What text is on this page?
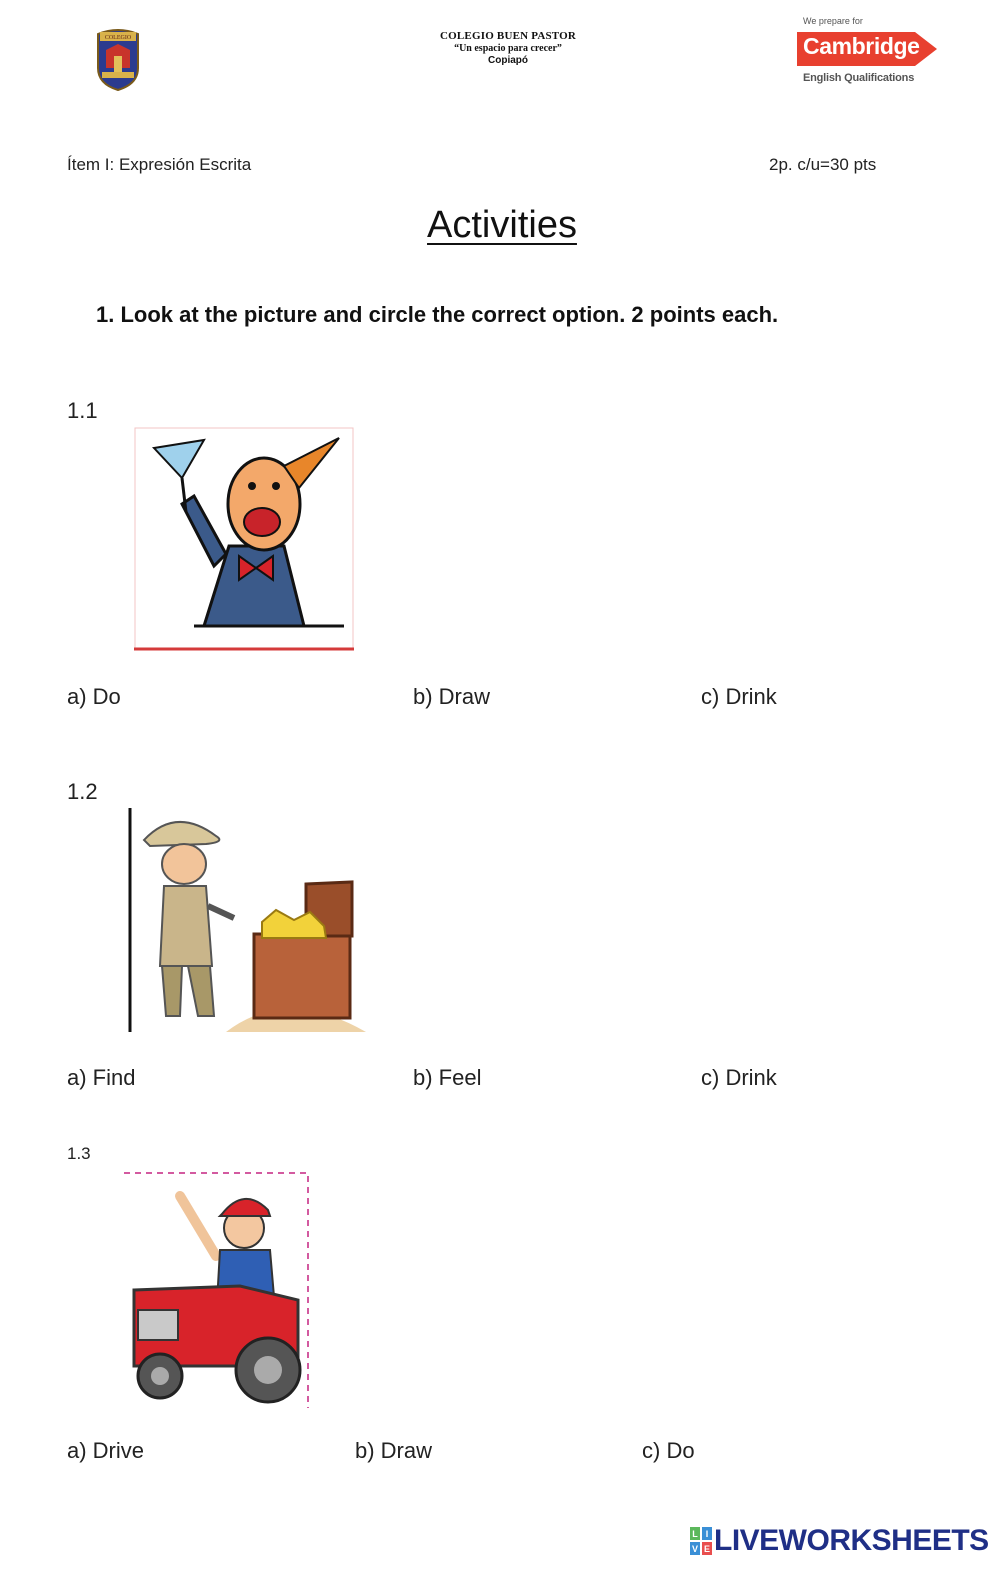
COLEGIO	COLEGIO BUEN PASTOR
“Un espacio para crecer”
Copiapó
We prepare for
Cambridge
English Qualifications
Ítem I: Expresión Escrita	2p. c/u=30 pts
Activities
1. Look at the picture and circle the correct option. 2 points each.
1.1
a) Do	b) Draw	c) Drink
1.2
a) Find	b) Feel	c) Drink
1.3
a) Drive	b) Draw	c) Do
L I
V E LIVEWORKSHEETS
